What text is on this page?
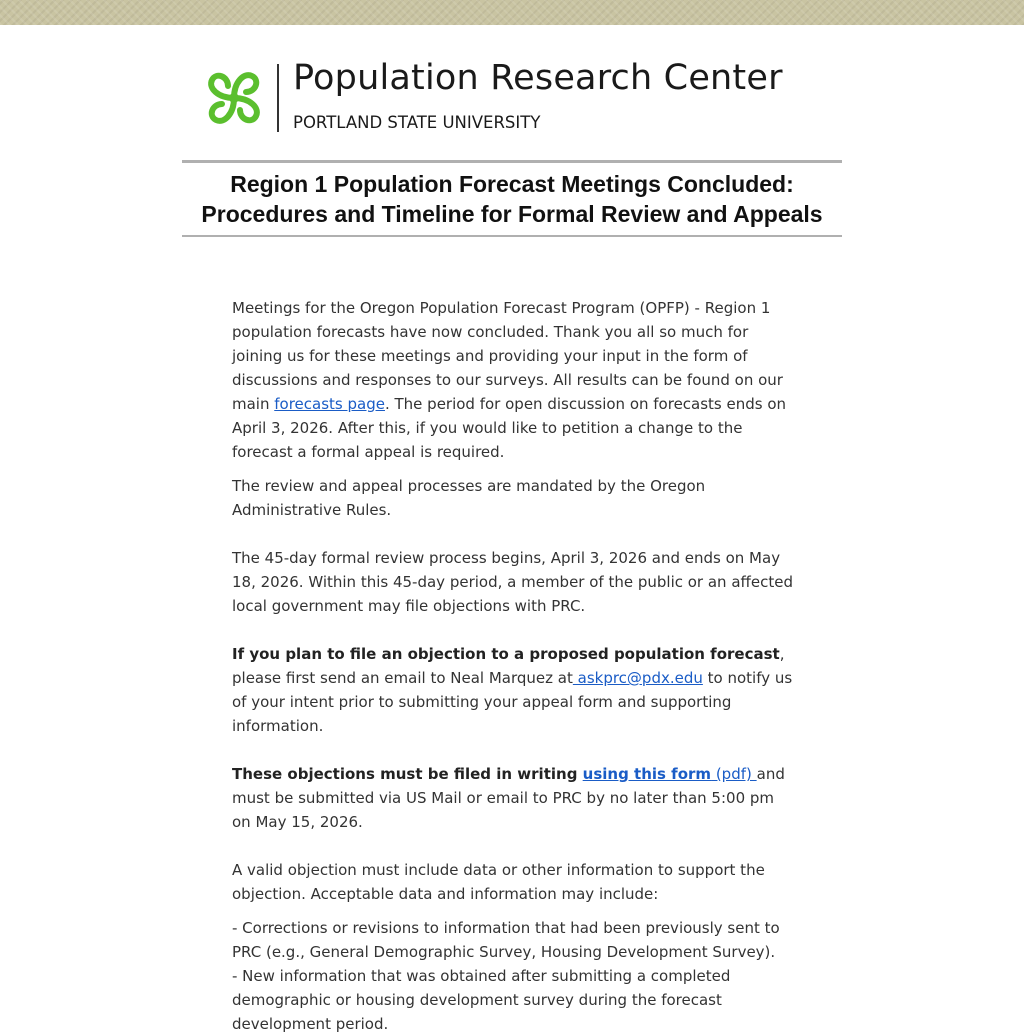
Population Research Center
PORTLAND STATE UNIVERSITY
Region 1 Population Forecast Meetings Concluded: Procedures and Timeline for Formal Review and Appeals

Meetings for the Oregon Population Forecast Program (OPFP) - Region 1 population forecasts have now concluded. Thank you all so much for joining us for these meetings and providing your input in the form of discussions and responses to our surveys. All results can be found on our main forecasts page. The period for open discussion on forecasts ends on April 3, 2026. After this, if you would like to petition a change to the forecast a formal appeal is required.

The review and appeal processes are mandated by the Oregon Administrative Rules.

The 45-day formal review process begins, April 3, 2026 and ends on May 18, 2026. Within this 45-day period, a member of the public or an affected local government may file objections with PRC.

If you plan to file an objection to a proposed population forecast, please first send an email to Neal Marquez at askprc@pdx.edu to notify us of your intent prior to submitting your appeal form and supporting information.

These objections must be filed in writing using this form (pdf) and must be submitted via US Mail or email to PRC by no later than 5:00 pm on May 15, 2026.

A valid objection must include data or other information to support the objection. Acceptable data and information may include:

- Corrections or revisions to information that had been previously sent to PRC (e.g., General Demographic Survey, Housing Development Survey).

- New information that was obtained after submitting a completed demographic or housing development survey during the forecast development period.
